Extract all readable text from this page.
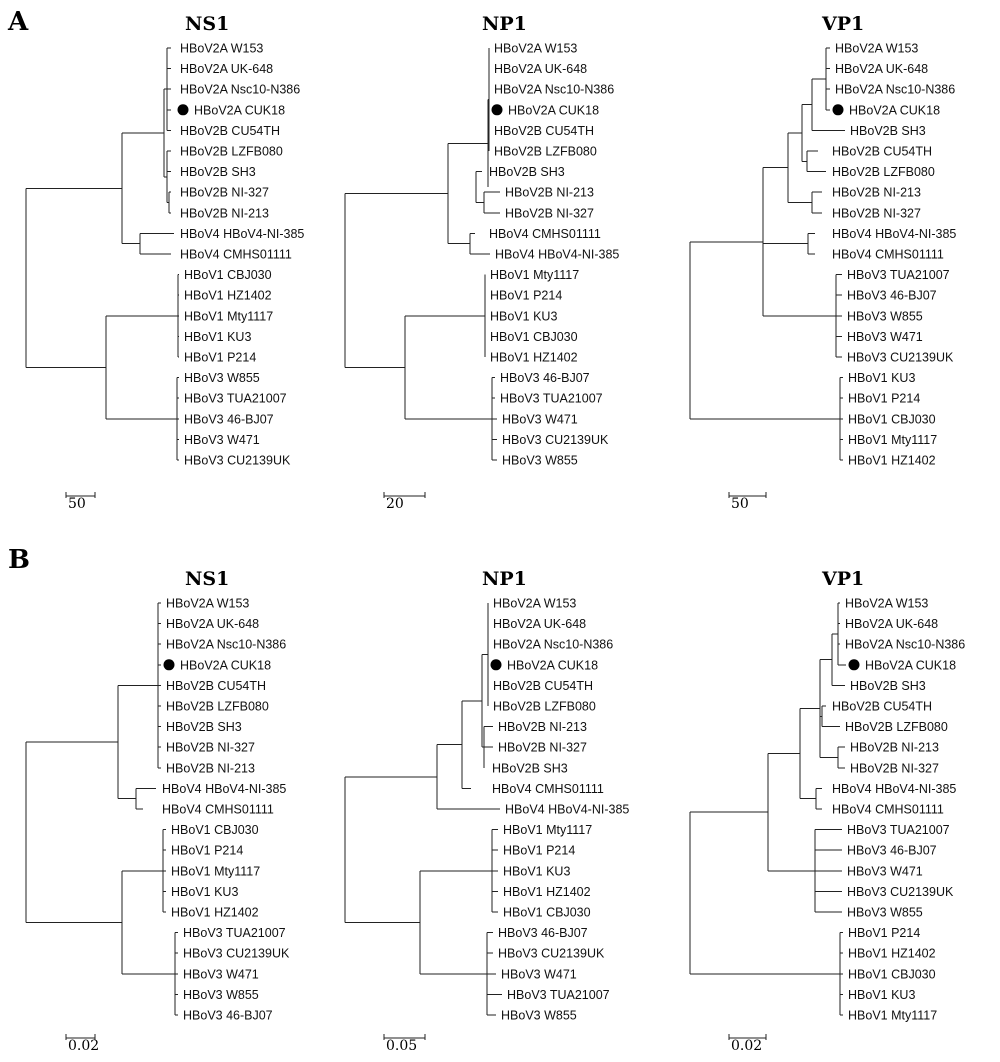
A
B
NS1
HBoV2A W153
HBoV2A UK-648
HBoV2A Nsc10-N386
HBoV2A CUK18
HBoV2B CU54TH
HBoV2B LZFB080
HBoV2B SH3
HBoV2B NI-327
HBoV2B NI-213
HBoV4 HBoV4-NI-385
HBoV4 CMHS01111
HBoV1 CBJ030
HBoV1 HZ1402
HBoV1 Mty1117
HBoV1 KU3
HBoV1 P214
HBoV3 W855
HBoV3 TUA21007
HBoV3 46-BJ07
HBoV3 W471
HBoV3 CU2139UK
50
NP1
HBoV2A W153
HBoV2A UK-648
HBoV2A Nsc10-N386
HBoV2A CUK18
HBoV2B CU54TH
HBoV2B LZFB080
HBoV2B SH3
HBoV2B NI-213
HBoV2B NI-327
HBoV4 CMHS01111
HBoV4 HBoV4-NI-385
HBoV1 Mty1117
HBoV1 P214
HBoV1 KU3
HBoV1 CBJ030
HBoV1 HZ1402
HBoV3 46-BJ07
HBoV3 TUA21007
HBoV3 W471
HBoV3 CU2139UK
HBoV3 W855
20
VP1
HBoV2A W153
HBoV2A UK-648
HBoV2A Nsc10-N386
HBoV2A CUK18
HBoV2B SH3
HBoV2B CU54TH
HBoV2B LZFB080
HBoV2B NI-213
HBoV2B NI-327
HBoV4 HBoV4-NI-385
HBoV4 CMHS01111
HBoV3 TUA21007
HBoV3 46-BJ07
HBoV3 W855
HBoV3 W471
HBoV3 CU2139UK
HBoV1 KU3
HBoV1 P214
HBoV1 CBJ030
HBoV1 Mty1117
HBoV1 HZ1402
50
NS1
HBoV2A W153
HBoV2A UK-648
HBoV2A Nsc10-N386
HBoV2A CUK18
HBoV2B CU54TH
HBoV2B LZFB080
HBoV2B SH3
HBoV2B NI-327
HBoV2B NI-213
HBoV4 HBoV4-NI-385
HBoV4 CMHS01111
HBoV1 CBJ030
HBoV1 P214
HBoV1 Mty1117
HBoV1 KU3
HBoV1 HZ1402
HBoV3 TUA21007
HBoV3 CU2139UK
HBoV3 W471
HBoV3 W855
HBoV3 46-BJ07
0.02
NP1
HBoV2A W153
HBoV2A UK-648
HBoV2A Nsc10-N386
HBoV2A CUK18
HBoV2B CU54TH
HBoV2B LZFB080
HBoV2B NI-213
HBoV2B NI-327
HBoV2B SH3
HBoV4 CMHS01111
HBoV4 HBoV4-NI-385
HBoV1 Mty1117
HBoV1 P214
HBoV1 KU3
HBoV1 HZ1402
HBoV1 CBJ030
HBoV3 46-BJ07
HBoV3 CU2139UK
HBoV3 W471
HBoV3 TUA21007
HBoV3 W855
0.05
VP1
HBoV2A W153
HBoV2A UK-648
HBoV2A Nsc10-N386
HBoV2A CUK18
HBoV2B SH3
HBoV2B CU54TH
HBoV2B LZFB080
HBoV2B NI-213
HBoV2B NI-327
HBoV4 HBoV4-NI-385
HBoV4 CMHS01111
HBoV3 TUA21007
HBoV3 46-BJ07
HBoV3 W471
HBoV3 CU2139UK
HBoV3 W855
HBoV1 P214
HBoV1 HZ1402
HBoV1 CBJ030
HBoV1 KU3
HBoV1 Mty1117
0.02
